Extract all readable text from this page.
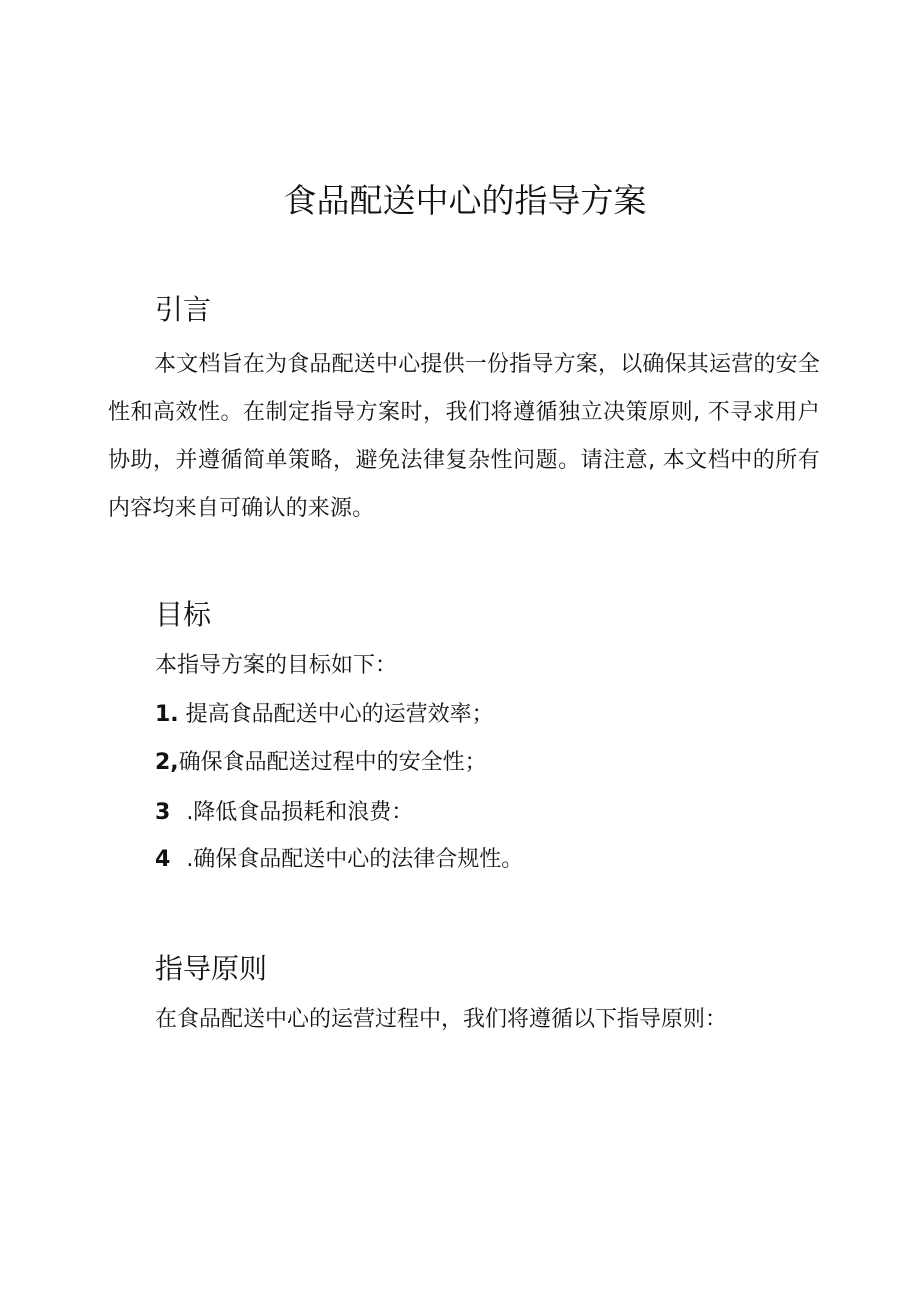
食品配送中心的指导方案
引言

本文档旨在为食品配送中心提供一份指导方案，以确保其运营的安全性和高效性。在制定指导方案时，我们将遵循独立决策原则, 不寻求用户协助，并遵循简单策略，避免法律复杂性问题。请注意, 本文档中的所有内容均来自可确认的来源。

目标

本指导方案的目标如下：

1. 提高食品配送中心的运营效率；

2,确保食品配送过程中的安全性；

3 .降低食品损耗和浪费：

4 .确保食品配送中心的法律合规性。

指导原则

在食品配送中心的运营过程中，我们将遵循以下指导原则：
